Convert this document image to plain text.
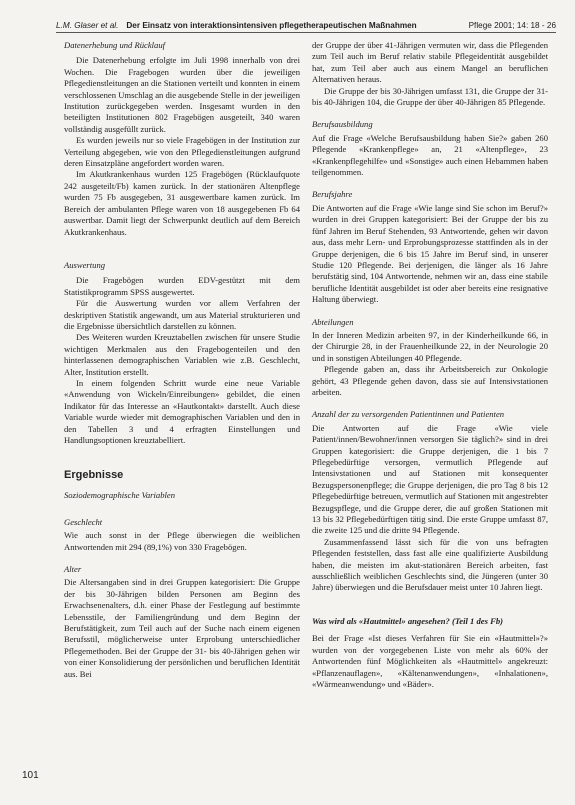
L.M. Glaser et al. Der Einsatz von interaktionsintensiven pflegetherapeutischen Maßnahmen	Pflege 2001; 14: 18 - 26

Datenerhebung und Rücklauf

Die Datenerhebung erfolgte im Juli 1998 innerhalb von drei Wochen. Die Fragebogen wurden über die jeweiligen Pflegedienstleitungen an die Stationen verteilt und konnten in einem verschlossenen Umschlag an die ausgebende Stelle in der jeweiligen Institution zurückgegeben werden. Insgesamt wurden in den beteiligten Institutionen 802 Fragebögen ausgeteilt, 340 waren vollständig ausgefüllt zurück.

Es wurden jeweils nur so viele Fragebögen in der Institution zur Verteilung abgegeben, wie von den Pflegedienstleitungen aufgrund deren Einsatzpläne angefordert worden waren.

Im Akutkrankenhaus wurden 125 Fragebögen (Rücklaufquote 242 ausgeteilt/Fb) kamen zurück. In der stationären Altenpflege wurden 75 Fb ausgegeben, 31 ausgewertbare kamen zurück. Im Bereich der ambulanten Pflege waren von 18 ausgegebenen Fb 64 auswertbar. Damit liegt der Schwerpunkt deutlich auf dem Bereich Akutkrankenhaus.

Auswertung

Die Fragebögen wurden EDV-gestützt mit dem Statistikprogramm SPSS ausgewertet.

Für die Auswertung wurden vor allem Verfahren der deskriptiven Statistik angewandt, um aus Material strukturieren und die Ergebnisse übersichtlich darstellen zu können.

Des Weiteren wurden Kreuztabellen zwischen für unsere Studie wichtigen Merkmalen aus den Fragebogenteilen und den hinterlassenen demographischen Variablen wie z.B. Geschlecht, Alter, Institution erstellt.

In einem folgenden Schritt wurde eine neue Variable «Anwendung von Wickeln/Einreibungen» gebildet, die einen Indikator für das Interesse an «Hautkontakt» darstellt. Auch diese Variable wurde wieder mit demographischen Variablen und den in den Tabellen 3 und 4 erfragten Einstellungen und Handlungsoptionen kreuztabelliert.

Ergebnisse

Soziodemographische Variablen

Geschlecht

Wie auch sonst in der Pflege überwiegen die weiblichen Antwortenden mit 294 (89,1%) von 330 Fragebögen.

Alter

Die Altersangaben sind in drei Gruppen kategorisiert: Die Gruppe der bis 30-Jährigen bilden Personen am Beginn des Erwachsenenalters, d.h. einer Phase der Festlegung auf bestimmte Lebensstile, der Familiengründung und dem Beginn der Berufstätigkeit, zum Teil auch auf der Suche nach einem eigenen Berufsstil, möglicherweise unter Erprobung unterschiedlicher Pflegemethoden. Bei der Gruppe der 31- bis 40-Jährigen gehen wir von einer Konsolidierung der persönlichen und beruflichen Identität aus. Bei

der Gruppe der über 41-Jährigen vermuten wir, dass die Pflegenden zum Teil auch im Beruf relativ stabile Pflegeidentität ausgebildet hat, zum Teil aber auch aus einem Mangel an beruflichen Alternativen heraus.

Die Gruppe der bis 30-Jährigen umfasst 131, die Gruppe der 31- bis 40-Jährigen 104, die Gruppe der über 40-Jährigen 85 Pflegende.

Berufsausbildung

Auf die Frage «Welche Berufsausbildung haben Sie?» gaben 260 Pflegende «Krankenpflege» an, 21 «Altenpflege», 23 «Krankenpflegehilfe» und «Sonstige» auch einen Hebammen haben teilgenommen.

Berufsjahre

Die Antworten auf die Frage «Wie lange sind Sie schon im Beruf?» wurden in drei Gruppen kategorisiert: Bei der Gruppe der bis zu fünf Jahren im Beruf Stehenden, 93 Antwortende, gehen wir davon aus, dass mehr Lern- und Erprobungsprozesse stattfinden als in der Gruppe derjenigen, die 6 bis 15 Jahre im Beruf sind, in unserer Studie 120 Pflegende. Bei derjenigen, die länger als 16 Jahre berufstätig sind, 104 Antwortende, nehmen wir an, dass eine stabile berufliche Identität ausgebildet ist oder aber bereits eine resignative Haltung überwiegt.

Abteilungen

In der Inneren Medizin arbeiten 97, in der Kinderheilkunde 66, in der Chirurgie 28, in der Frauenheilkunde 22, in der Neurologie 20 und in sonstigen Abteilungen 40 Pflegende.

Pflegende gaben an, dass ihr Arbeitsbereich zur Onkologie gehört, 43 Pflegende gehen davon, dass sie auf Intensivstationen arbeiten.

Anzahl der zu versorgenden Patientinnen und Patienten

Die Antworten auf die Frage «Wie viele Patient/innen/Bewohner/innen versorgen Sie täglich?» sind in drei Gruppen kategorisiert: die Gruppe derjenigen, die 1 bis 7 Pflegebedürftige versorgen, vermutlich Pflegende auf Intensivstationen und auf Stationen mit konsequenter Bezugspersonenpflege; die Gruppe derjenigen, die pro Tag 8 bis 12 Pflegebedürftige betreuen, vermutlich auf Stationen mit angestrebter Bezugspflege, und die Gruppe derer, die auf großen Stationen mit 13 bis 32 Pflegebedürftigen tätig sind. Die erste Gruppe umfasst 87, die zweite 125 und die dritte 94 Pflegende.

Zusammenfassend lässt sich für die von uns befragten Pflegenden feststellen, dass fast alle eine qualifizierte Ausbildung haben, die meisten im akut-stationären Bereich arbeiten, fast ausschließlich weiblichen Geschlechts sind, die Jüngeren (unter 30 Jahre) überwiegen und die Berufsdauer meist unter 10 Jahren liegt.

Was wird als «Hautmittel» angesehen? (Teil 1 des Fb)

Bei der Frage «Ist dieses Verfahren für Sie ein «Hautmittel»?» wurden von der vorgegebenen Liste von mehr als 60% der Antwortenden fünf Möglichkeiten als «Hautmittel» angekreuzt: «Pflanzenauflagen», «Kältenanwendungen», «Inhalationen», «Wärmeanwendung» und «Bäder».

101
